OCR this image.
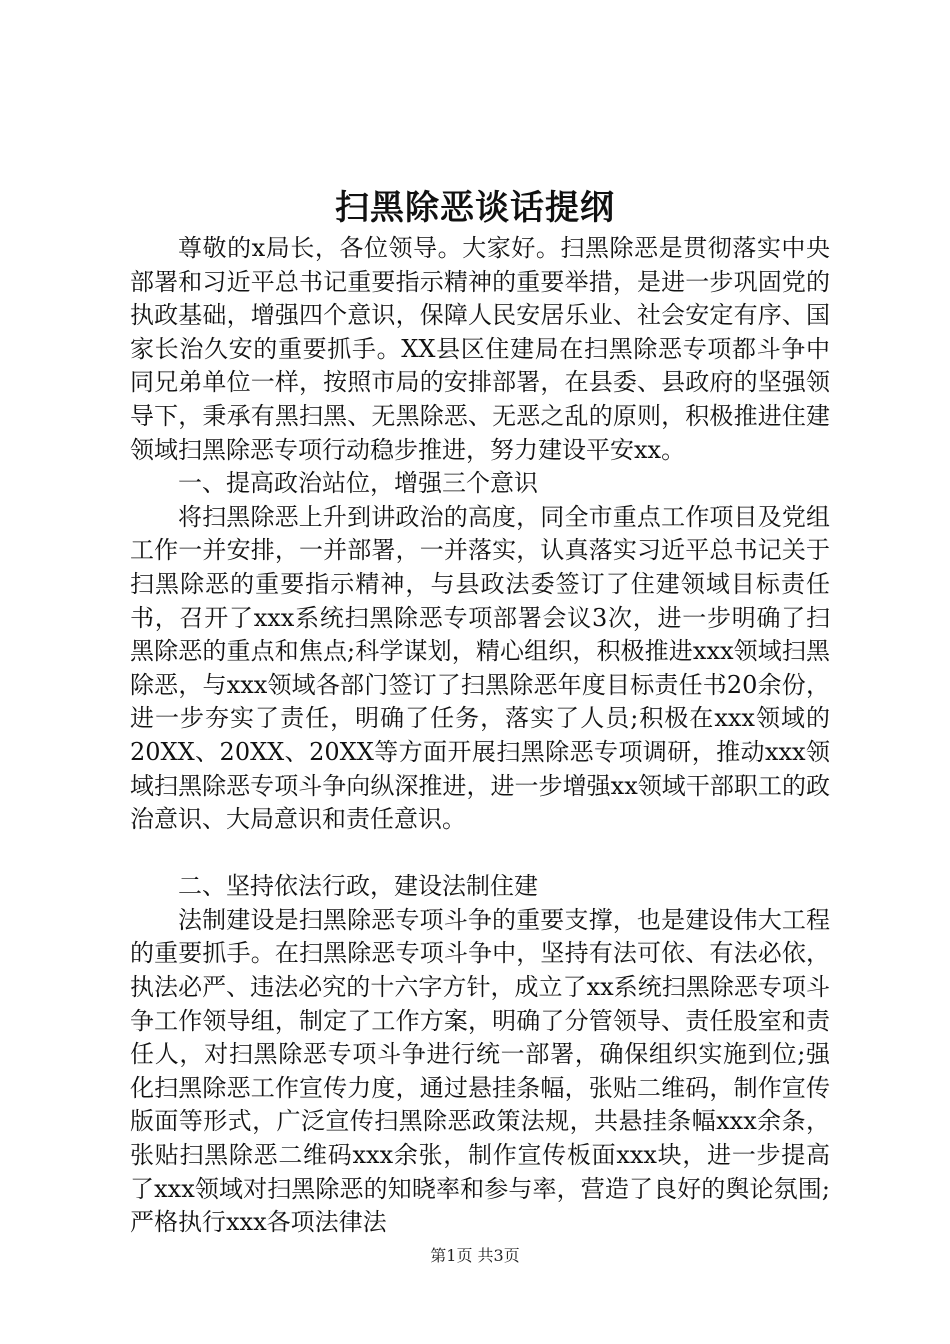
扫黑除恶谈话提纲

尊敬的x局长，各位领导。大家好。扫黑除恶是贯彻落实中央部署和习近平总书记重要指示精神的重要举措，是进一步巩固党的执政基础，增强四个意识，保障人民安居乐业、社会安定有序、国家长治久安的重要抓手。XX县区住建局在扫黑除恶专项都斗争中同兄弟单位一样，按照市局的安排部署，在县委、县政府的坚强领导下，秉承有黑扫黑、无黑除恶、无恶之乱的原则，积极推进住建领域扫黑除恶专项行动稳步推进，努力建设平安xx。

一、提高政治站位，增强三个意识

将扫黑除恶上升到讲政治的高度，同全市重点工作项目及党组工作一并安排，一并部署，一并落实，认真落实习近平总书记关于扫黑除恶的重要指示精神，与县政法委签订了住建领域目标责任书，召开了xxx系统扫黑除恶专项部署会议3次，进一步明确了扫黑除恶的重点和焦点;科学谋划，精心组织，积极推进xxx领域扫黑除恶，与xxx领域各部门签订了扫黑除恶年度目标责任书20余份，进一步夯实了责任，明确了任务，落实了人员;积极在xxx领域的20XX、20XX、20XX等方面开展扫黑除恶专项调研，推动xxx领域扫黑除恶专项斗争向纵深推进，进一步增强xx领域干部职工的政治意识、大局意识和责任意识。

二、坚持依法行政，建设法制住建

法制建设是扫黑除恶专项斗争的重要支撑，也是建设伟大工程的重要抓手。在扫黑除恶专项斗争中，坚持有法可依、有法必依，执法必严、违法必究的十六字方针，成立了xx系统扫黑除恶专项斗争工作领导组，制定了工作方案，明确了分管领导、责任股室和责任人，对扫黑除恶专项斗争进行统一部署，确保组织实施到位;强化扫黑除恶工作宣传力度，通过悬挂条幅，张贴二维码，制作宣传版面等形式，广泛宣传扫黑除恶政策法规，共悬挂条幅xxx余条，张贴扫黑除恶二维码xxx余张，制作宣传板面xxx块，进一步提高了xxx领域对扫黑除恶的知晓率和参与率，营造了良好的舆论氛围;严格执行xxx各项法律法

第1页 共3页
